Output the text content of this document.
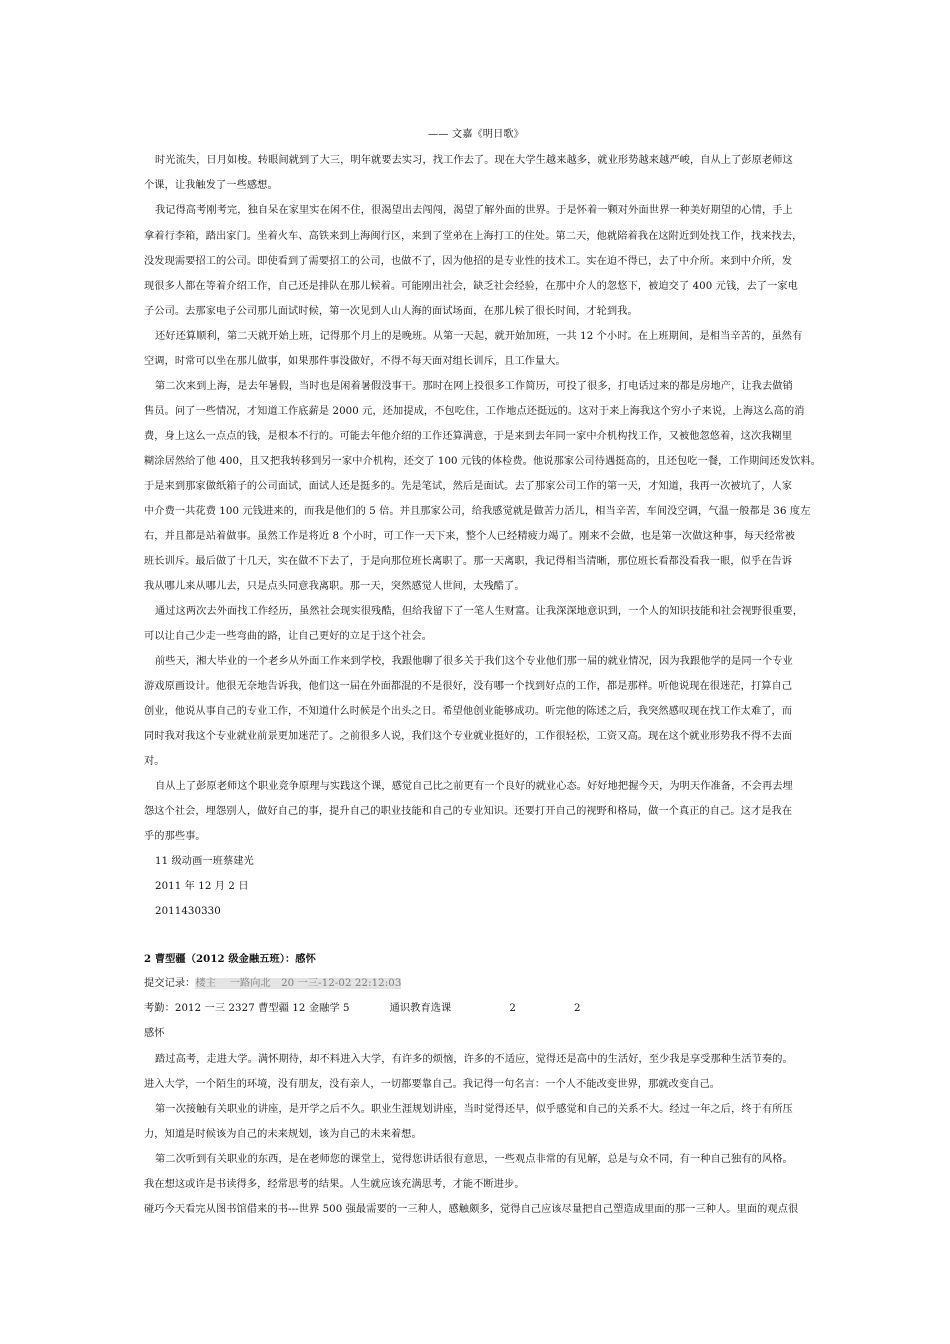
—— 文嘉《明日歌》
时光流失，日月如梭。转眼间就到了大三，明年就要去实习，找工作去了。现在大学生越来越多，就业形势越来越严峻，自从上了彭原老师这
个课，让我触发了一些感想。
我记得高考刚考完，独自呆在家里实在闲不住，很渴望出去闯闯，渴望了解外面的世界。于是怀着一颗对外面世界一种美好期望的心情，手上
拿着行李箱，踏出家门。坐着火车、高铁来到上海闽行区，来到了堂弟在上海打工的住处。第二天，他就陪着我在这附近到处找工作，找来找去，
没发现需要招工的公司。即使看到了需要招工的公司，也做不了，因为他招的是专业性的技术工。实在迫不得已，去了中介所。来到中介所，发
现很多人都在等着介绍工作，自己还是排队在那儿候着。可能刚出社会，缺乏社会经验，在那中介人的忽悠下，被迫交了 400 元钱，去了一家电
子公司。去那家电子公司那儿面试时候，第一次见到人山人海的面试场面，在那儿候了很长时间，才轮到我。
还好还算顺利，第二天就开始上班，记得那个月上的是晚班。从第一天起，就开始加班，一共 12 个小时。在上班期间，是相当辛苦的，虽然有
空调，时常可以坐在那儿做事，如果那件事没做好，不得不每天面对组长训斥，且工作量大。
第二次来到上海，是去年暑假，当时也是闲着暑假没事干。那时在网上投很多工作简历，可投了很多，打电话过来的都是房地产，让我去做销
售员。问了一些情况，才知道工作底薪是 2000 元，还加提成，不包吃住，工作地点还挺远的。这对于来上海我这个穷小子来说，上海这么高的消
费，身上这么一点点的钱，是根本不行的。可能去年他介绍的工作还算满意，于是来到去年同一家中介机构找工作，又被他忽悠着，这次我糊里
糊涂居然给了他 400，且又把我转移到另一家中介机构，还交了 100 元钱的体检费。他说那家公司待遇挺高的，且还包吃一餐，工作期间还发饮料。
于是来到那家做纸箱子的公司面试，面试人还是挺多的。先是笔试，然后是面试。去了那家公司工作的第一天，才知道，我再一次被坑了，人家
中介费一共花费 100 元钱进来的，而我是他们的 5 倍。并且那家公司，给我感觉就是做苦力活儿，相当辛苦，车间没空调，气温一般都是 36 度左
右，并且都是站着做事。虽然工作是将近 8 个小时，可工作一天下来，整个人已经精疲力竭了。刚来不会做，也是第一次做这种事，每天经常被
班长训斥。最后做了十几天，实在做不下去了，于是向那位班长离职了。那一天离职，我记得相当清晰，那位班长看都没看我一眼，似乎在告诉
我从哪儿来从哪儿去，只是点头同意我离职。那一天，突然感觉人世间，太残酷了。
通过这两次去外面找工作经历，虽然社会现实很残酷，但给我留下了一笔人生财富。让我深深地意识到，一个人的知识技能和社会视野很重要，
可以让自己少走一些弯曲的路，让自己更好的立足于这个社会。
前些天，湘大毕业的一个老乡从外面工作来到学校，我跟他聊了很多关于我们这个专业他们那一届的就业情况，因为我跟他学的是同一个专业
游戏原画设计。他很无奈地告诉我，他们这一届在外面都混的不是很好，没有哪一个找到好点的工作，都是那样。听他说现在很迷茫，打算自己
创业，他说从事自己的专业工作，不知道什么时候是个出头之日。希望他创业能够成功。听完他的陈述之后，我突然感叹现在找工作太难了，而
同时我对我这个专业就业前景更加迷茫了。之前很多人说，我们这个专业就业挺好的，工作很轻松，工资又高。现在这个就业形势我不得不去面
对。
自从上了彭原老师这个职业竞争原理与实践这个课，感觉自己比之前更有一个良好的就业心态。好好地把握今天，为明天作准备，不会再去埋
怨这个社会，埋怨别人，做好自己的事，提升自己的职业技能和自己的专业知识。还要打开自己的视野和格局，做一个真正的自己。这才是我在
乎的那些事。
11 级动画一班蔡建光
2011 年 12 月 2 日
2011430330
2 曹型疆（2012 级金融五班）：感怀
提交记录：楼主　 一路向北　20 一三-12-02 22:12:03
考勤：2012 一三 2327 曹型疆 12 金融学 5	通识教育选课	2	2
感怀
踏过高考，走进大学。满怀期待，却不料进入大学，有许多的烦恼，许多的不适应，觉得还是高中的生活好，至少我是享受那种生活节奏的。
进入大学，一个陌生的环境，没有朋友，没有亲人，一切都要靠自己。我记得一句名言：一个人不能改变世界，那就改变自己。
第一次接触有关职业的讲座，是开学之后不久。职业生涯规划讲座，当时觉得还早，似乎感觉和自己的关系不大。经过一年之后，终于有所压
力，知道是时候该为自己的未来规划，该为自己的未来着想。
第二次听到有关职业的东西，是在老师您的课堂上，觉得您讲话很有意思，一些观点非常的有见解，总是与众不同，有一种自己独有的风格。
我在想这或许是书读得多，经常思考的结果。人生就应该充满思考，才能不断进步。
碰巧今天看完从图书馆借来的书---世界 500 强最需要的一三种人，感触颇多，觉得自己应该尽量把自己塑造成里面的那一三种人。里面的观点很
